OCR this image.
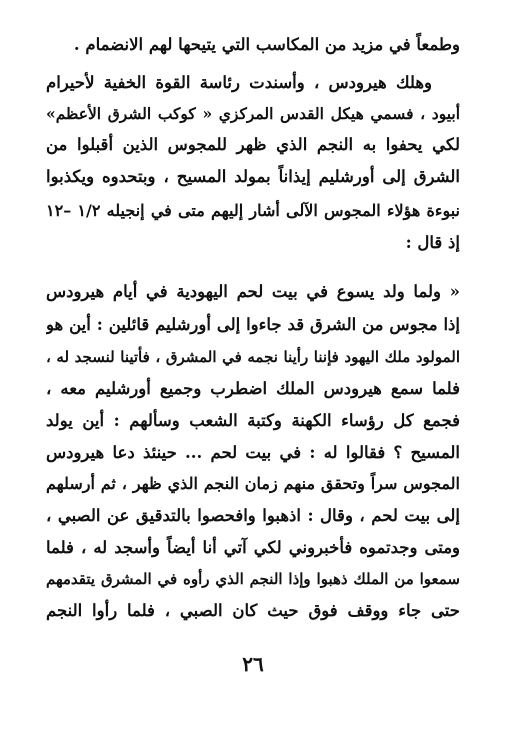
وطمعاً في مزيد من المكاسب التي يتيحها لهم الانضمام .
وهلك هيرودس ، وأسندت رئاسة القوة الخفية لأحيرام
أبيود ، فسمي هيكل القدس المركزي « كوكب الشرق الأعظم»
لكي يحفوا به النجم الذي ظهر للمجوس الذين أقبلوا من
الشرق إلى أورشليم إيذاناً بمولد المسيح ، وبتحدوه ويكذبوا
نبوءة هؤلاء المجوس الآلى أشار إليهم متى في إنجيله ١/٢ –١٢
إذ قال :
« ولما ولد يسوع في بيت لحم اليهودية في أيام هيرودس
إذا مجوس من الشرق قد جاءوا إلى أورشليم قائلين : أين هو
المولود ملك اليهود فإننا رأينا نجمه في المشرق ، فأتينا لنسجد له ،
فلما سمع هيرودس الملك اضطرب وجميع أورشليم معه ،
فجمع كل رؤساء الكهنة وكتبة الشعب وسألهم : أين يولد
المسيح ؟ فقالوا له : في بيت لحم ... حينئذ دعا هيرودس
المجوس سراً وتحقق منهم زمان النجم الذي ظهر ، ثم أرسلهم
إلى بيت لحم ، وقال : اذهبوا وافحصوا بالتدقيق عن الصبي ،
ومتى وجدتموه فأخبروني لكي آتي أنا أيضاً وأسجد له ، فلما
سمعوا من الملك ذهبوا وإذا النجم الذي رأوه في المشرق يتقدمهم
حتى جاء ووقف فوق حيث كان الصبي ، فلما رأوا النجم
٢٦
